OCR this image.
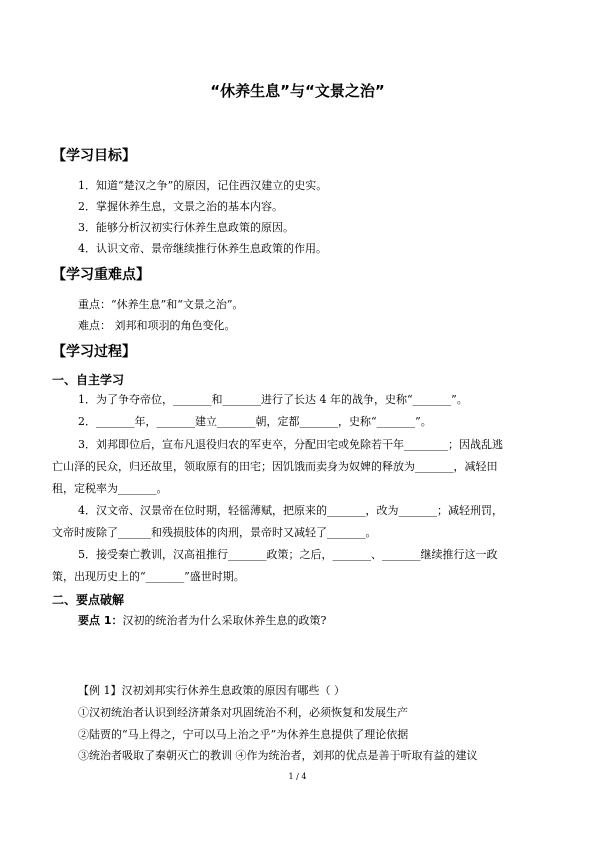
“休养生息”与“文景之治”
【学习目标】
1．知道“楚汉之争”的原因，记住西汉建立的史实。
2．掌握休养生息，文景之治的基本内容。
3．能够分析汉初实行休养生息政策的原因。
4．认识文帝、景帝继续推行休养生息政策的作用。
【学习重难点】
重点：“休养生息”和“文景之治”。
难点： 刘邦和项羽的角色变化。
【学习过程】
一、自主学习
1．为了争夺帝位，_______和_______进行了长达 4 年的战争，史称“_______”。
2．_______年，_______建立_______朝，定都_______，史称“_______”。
3．刘邦即位后，宣布凡退役归农的军吏卒，分配田宅或免除若干年________；因战乱逃
亡山泽的民众，归还故里，领取原有的田宅；因饥饿而卖身为奴婢的释放为_______，减轻田
租，定税率为_______。
4．汉文帝、汉景帝在位时期，轻徭薄赋，把原来的_______，改为_______；减轻刑罚，
文帝时废除了______和残损肢体的肉刑，景帝时又减轻了_______。
5．接受秦亡教训，汉高祖推行_______政策；之后，_______、_______继续推行这一政
策，出现历史上的“_______”盛世时期。
二、要点破解
要点 1：汉初的统治者为什么采取休养生息的政策?
【例 1】汉初刘邦实行休养生息政策的原因有哪些（ ）
①汉初统治者认识到经济萧条对巩固统治不利，必须恢复和发展生产
②陆贾的“马上得之，宁可以马上治之乎”为休养生息提供了理论依据
③统治者吸取了秦朝灭亡的教训 ④作为统治者，刘邦的优点是善于听取有益的建议
1 / 4
